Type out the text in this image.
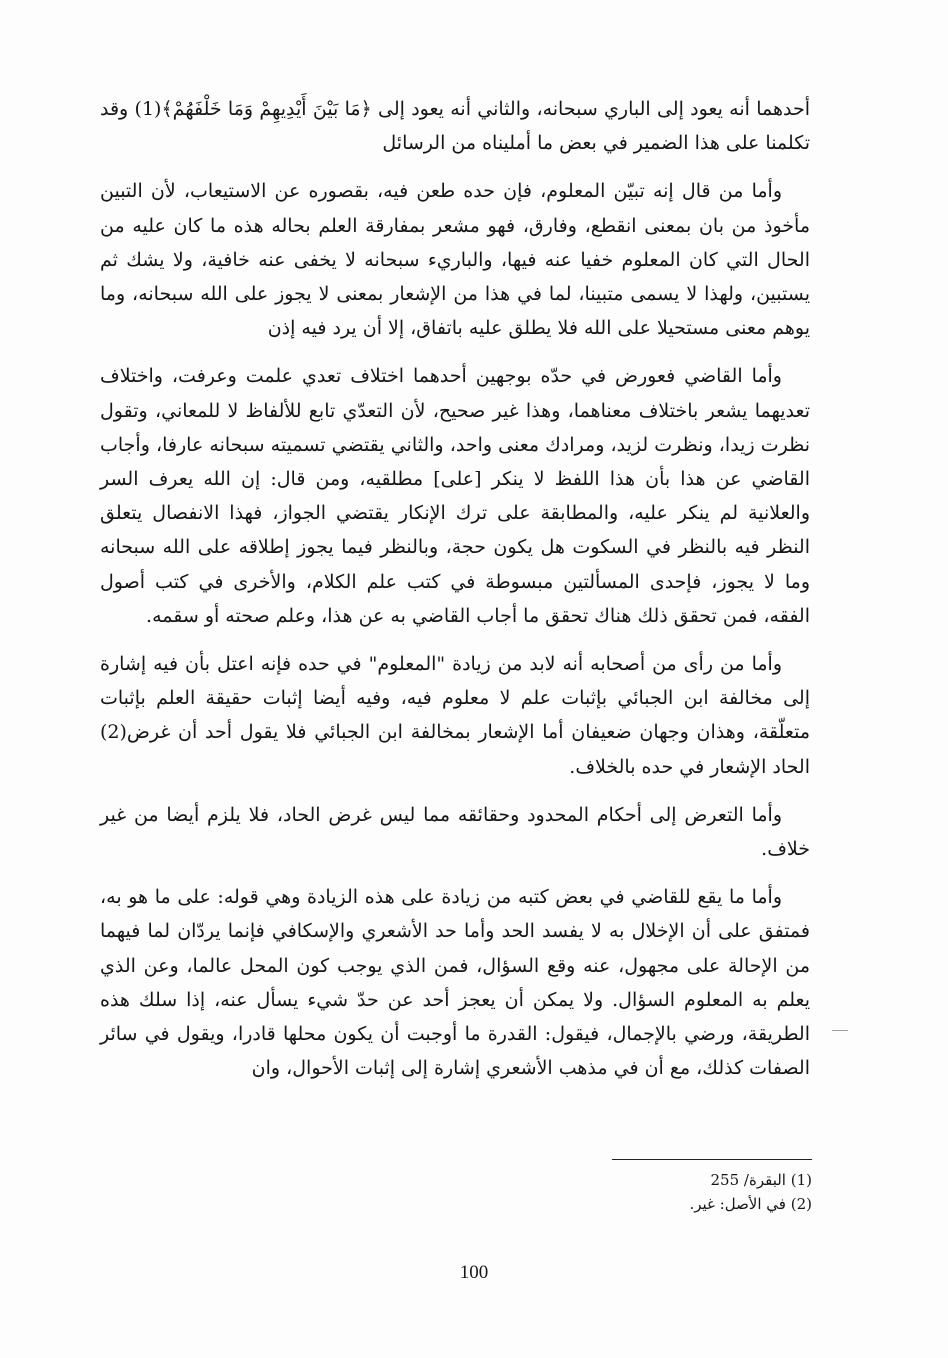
أحدهما أنه يعود إلى الباري سبحانه، والثاني أنه يعود إلى ﴿مَا بَيْنَ أَيْدِيهِمْ وَمَا خَلْفَهُمْ﴾(1) وقد تكلمنا على هذا الضمير في بعض ما أمليناه من الرسائل

وأما من قال إنه تبيّن المعلوم، فإن حده طعن فيه، بقصوره عن الاستيعاب، لأن التبين مأخوذ من بان بمعنى انقطع، وفارق، فهو مشعر بمفارقة العلم بحاله هذه ما كان عليه من الحال التي كان المعلوم خفيا عنه فيها، والباريء سبحانه لا يخفى عنه خافية، ولا يشك ثم يستبين، ولهذا لا يسمى متبينا، لما في هذا من الإشعار بمعنى لا يجوز على الله سبحانه، وما يوهم معنى مستحيلا على الله فلا يطلق عليه باتفاق، إلا أن يرد فيه إذن

وأما القاضي فعورض في حدّه بوجهين أحدهما اختلاف تعدي علمت وعرفت، واختلاف تعديهما يشعر باختلاف معناهما، وهذا غير صحيح، لأن التعدّي تابع للألفاظ لا للمعاني، وتقول نظرت زيدا، ونظرت لزيد، ومرادك معنى واحد، والثاني يقتضي تسميته سبحانه عارفا، وأجاب القاضي عن هذا بأن هذا اللفظ لا ينكر [على] مطلقيه، ومن قال: إن الله يعرف السر والعلانية لم ينكر عليه، والمطابقة على ترك الإنكار يقتضي الجواز، فهذا الانفصال يتعلق النظر فيه بالنظر في السكوت هل يكون حجة، وبالنظر فيما يجوز إطلاقه على الله سبحانه وما لا يجوز، فإحدى المسألتين مبسوطة في كتب علم الكلام، والأخرى في كتب أصول الفقه، فمن تحقق ذلك هناك تحقق ما أجاب القاضي به عن هذا، وعلم صحته أو سقمه.

وأما من رأى من أصحابه أنه لابد من زيادة "المعلوم" في حده فإنه اعتل بأن فيه إشارة إلى مخالفة ابن الجبائي بإثبات علم لا معلوم فيه، وفيه أيضا إثبات حقيقة العلم بإثبات متعلّقة، وهذان وجهان ضعيفان أما الإشعار بمخالفة ابن الجبائي فلا يقول أحد أن غرض(2) الحاد الإشعار في حده بالخلاف.

وأما التعرض إلى أحكام المحدود وحقائقه مما ليس غرض الحاد، فلا يلزم أيضا من غير خلاف.

وأما ما يقع للقاضي في بعض كتبه من زيادة على هذه الزيادة وهي قوله: على ما هو به، فمتفق على أن الإخلال به لا يفسد الحد وأما حد الأشعري والإسكافي فإنما يردّان لما فيهما من الإحالة على مجهول، عنه وقع السؤال، فمن الذي يوجب كون المحل عالما، وعن الذي يعلم به المعلوم السؤال. ولا يمكن أن يعجز أحد عن حدّ شيء يسأل عنه، إذا سلك هذه الطريقة، ورضي بالإجمال، فيقول: القدرة ما أوجبت أن يكون محلها قادرا، ويقول في سائر الصفات كذلك، مع أن في مذهب الأشعري إشارة إلى إثبات الأحوال، وان

(1) البقرة/ 255

(2) في الأصل: غير.

100
